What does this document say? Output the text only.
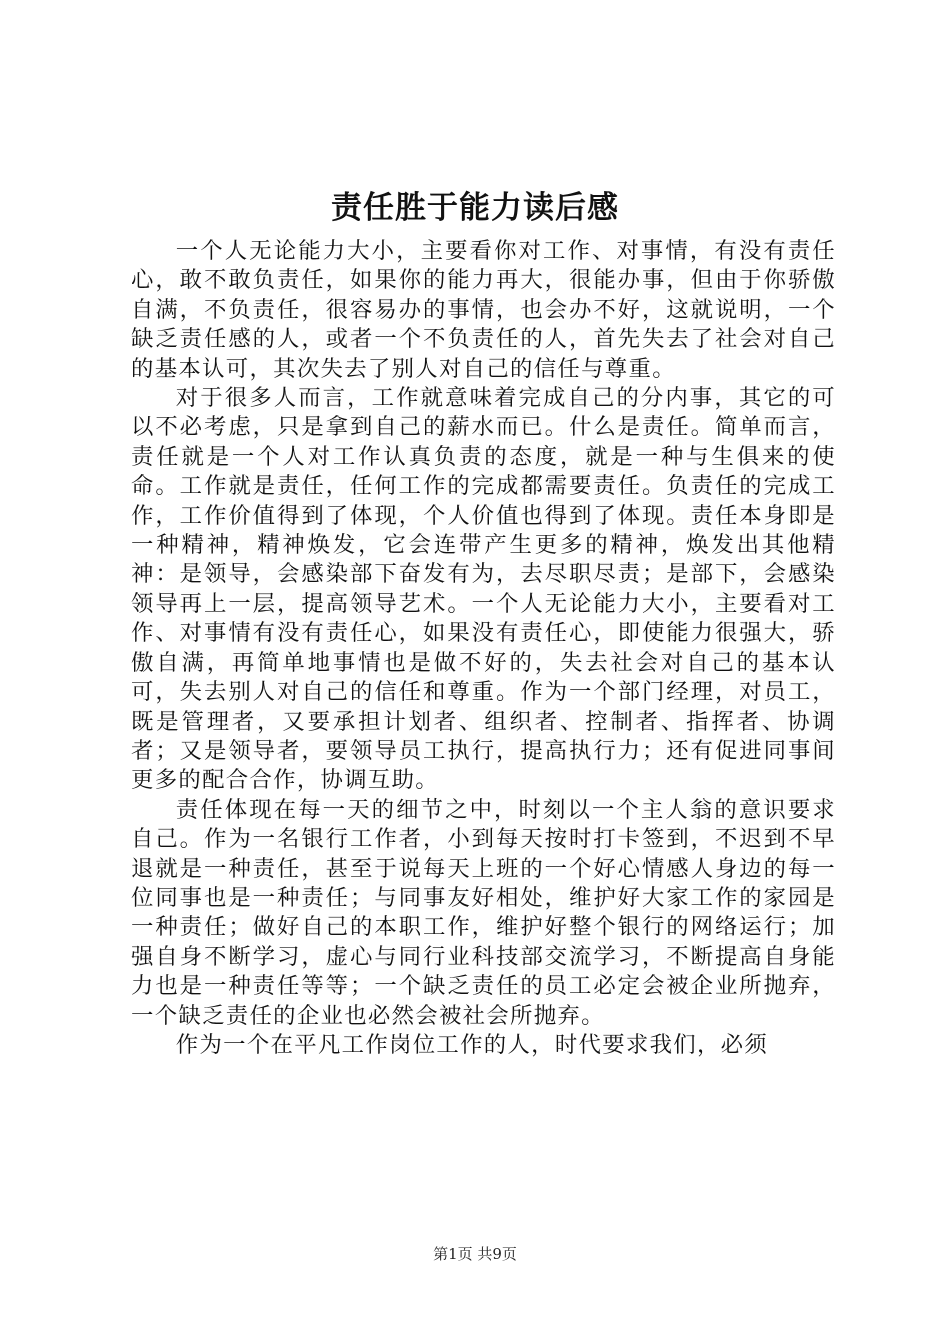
责任胜于能力读后感

一个人无论能力大小，主要看你对工作、对事情，有没有责任心，敢不敢负责任，如果你的能力再大，很能办事，但由于你骄傲自满，不负责任，很容易办的事情，也会办不好，这就说明，一个缺乏责任感的人，或者一个不负责任的人，首先失去了社会对自己的基本认可，其次失去了别人对自己的信任与尊重。

对于很多人而言，工作就意味着完成自己的分内事，其它的可以不必考虑，只是拿到自己的薪水而已。什么是责任。简单而言，责任就是一个人对工作认真负责的态度，就是一种与生俱来的使命。工作就是责任，任何工作的完成都需要责任。负责任的完成工作，工作价值得到了体现，个人价值也得到了体现。责任本身即是一种精神，精神焕发，它会连带产生更多的精神，焕发出其他精神：是领导，会感染部下奋发有为，去尽职尽责；是部下，会感染领导再上一层，提高领导艺术。一个人无论能力大小，主要看对工作、对事情有没有责任心，如果没有责任心，即使能力很强大，骄傲自满，再简单地事情也是做不好的，失去社会对自己的基本认可，失去别人对自己的信任和尊重。作为一个部门经理，对员工，既是管理者，又要承担计划者、组织者、控制者、指挥者、协调者；又是领导者，要领导员工执行，提高执行力；还有促进同事间更多的配合合作，协调互助。

责任体现在每一天的细节之中，时刻以一个主人翁的意识要求自己。作为一名银行工作者，小到每天按时打卡签到，不迟到不早退就是一种责任，甚至于说每天上班的一个好心情感人身边的每一位同事也是一种责任；与同事友好相处，维护好大家工作的家园是一种责任；做好自己的本职工作，维护好整个银行的网络运行；加强自身不断学习，虚心与同行业科技部交流学习，不断提高自身能力也是一种责任等等；一个缺乏责任的员工必定会被企业所抛弃，一个缺乏责任的企业也必然会被社会所抛弃。

作为一个在平凡工作岗位工作的人，时代要求我们，必须

第1页 共9页
